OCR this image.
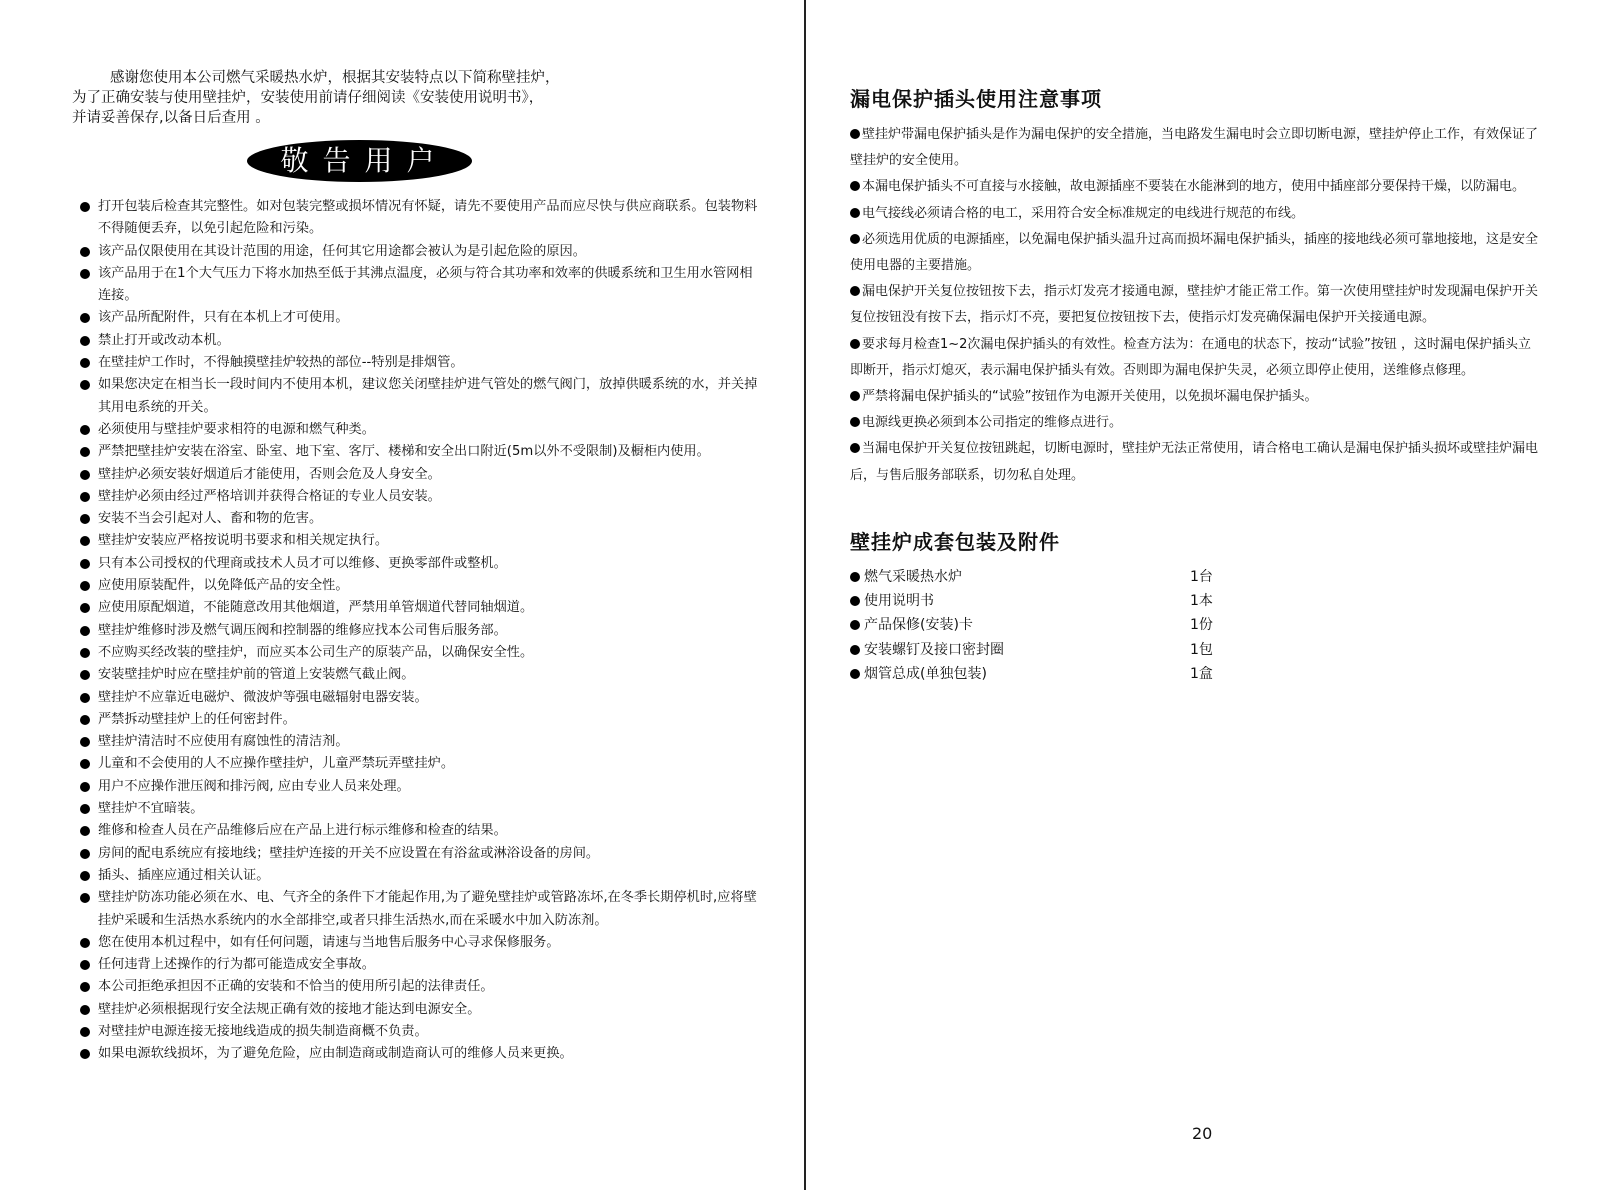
感谢您使用本公司燃气采暖热水炉，根据其安装特点以下简称壁挂炉，

为了正确安装与使用壁挂炉，安装使用前请仔细阅读《安装使用说明书》，

并请妥善保存,以备日后查用 。

敬告用户
打开包装后检查其完整性。如对包装完整或损坏情况有怀疑，请先不要使用产品而应尽快与供应商联系。包装物料不得随便丢弃，以免引起危险和污染。
该产品仅限使用在其设计范围的用途，任何其它用途都会被认为是引起危险的原因。
该产品用于在1个大气压力下将水加热至低于其沸点温度，必须与符合其功率和效率的供暖系统和卫生用水管网相连接。
该产品所配附件，只有在本机上才可使用。
禁止打开或改动本机。
在壁挂炉工作时，不得触摸壁挂炉较热的部位--特别是排烟管。
如果您决定在相当长一段时间内不使用本机，建议您关闭壁挂炉进气管处的燃气阀门，放掉供暖系统的水，并关掉其用电系统的开关。
必须使用与壁挂炉要求相符的电源和燃气种类。
严禁把壁挂炉安装在浴室、卧室、地下室、客厅、楼梯和安全出口附近(5m以外不受限制)及橱柜内使用。
壁挂炉必须安装好烟道后才能使用，否则会危及人身安全。
壁挂炉必须由经过严格培训并获得合格证的专业人员安装。
安装不当会引起对人、畜和物的危害。
壁挂炉安装应严格按说明书要求和相关规定执行。
只有本公司授权的代理商或技术人员才可以维修、更换零部件或整机。
应使用原装配件，以免降低产品的安全性。
应使用原配烟道，不能随意改用其他烟道，严禁用单管烟道代替同轴烟道。
壁挂炉维修时涉及燃气调压阀和控制器的维修应找本公司售后服务部。
不应购买经改装的壁挂炉，而应买本公司生产的原装产品，以确保安全性。
安装壁挂炉时应在壁挂炉前的管道上安装燃气截止阀。
壁挂炉不应靠近电磁炉、微波炉等强电磁辐射电器安装。
严禁拆动壁挂炉上的任何密封件。
壁挂炉清洁时不应使用有腐蚀性的清洁剂。
儿童和不会使用的人不应操作壁挂炉，儿童严禁玩弄壁挂炉。
用户不应操作泄压阀和排污阀, 应由专业人员来处理。
壁挂炉不宜暗装。
维修和检查人员在产品维修后应在产品上进行标示维修和检查的结果。
房间的配电系统应有接地线；壁挂炉连接的开关不应设置在有浴盆或淋浴设备的房间。
插头、插座应通过相关认证。
壁挂炉防冻功能必须在水、电、气齐全的条件下才能起作用,为了避免壁挂炉或管路冻坏,在冬季长期停机时,应将壁挂炉采暖和生活热水系统内的水全部排空,或者只排生活热水,而在采暖水中加入防冻剂。
您在使用本机过程中，如有任何问题，请速与当地售后服务中心寻求保修服务。
任何违背上述操作的行为都可能造成安全事故。
本公司拒绝承担因不正确的安装和不恰当的使用所引起的法律责任。
壁挂炉必须根据现行安全法规正确有效的接地才能达到电源安全。
对壁挂炉电源连接无接地线造成的损失制造商概不负责。
如果电源软线损坏，为了避免危险，应由制造商或制造商认可的维修人员来更换。
漏电保护插头使用注意事项
壁挂炉带漏电保护插头是作为漏电保护的安全措施，当电路发生漏电时会立即切断电源，壁挂炉停止工作，有效保证了壁挂炉的安全使用。
本漏电保护插头不可直接与水接触，故电源插座不要装在水能淋到的地方，使用中插座部分要保持干燥，以防漏电。
电气接线必须请合格的电工，采用符合安全标准规定的电线进行规范的布线。
必须选用优质的电源插座，以免漏电保护插头温升过高而损坏漏电保护插头，插座的接地线必须可靠地接地，这是安全使用电器的主要措施。
漏电保护开关复位按钮按下去，指示灯发亮才接通电源，壁挂炉才能正常工作。第一次使用壁挂炉时发现漏电保护开关复位按钮没有按下去，指示灯不亮，要把复位按钮按下去，使指示灯发亮确保漏电保护开关接通电源。
要求每月检查1~2次漏电保护插头的有效性。检查方法为：在通电的状态下，按动“试验”按钮 ，这时漏电保护插头立即断开，指示灯熄灭，表示漏电保护插头有效。否则即为漏电保护失灵，必须立即停止使用，送维修点修理。
严禁将漏电保护插头的“试验”按钮作为电源开关使用，以免损坏漏电保护插头。
电源线更换必须到本公司指定的维修点进行。
当漏电保护开关复位按钮跳起，切断电源时，壁挂炉无法正常使用，请合格电工确认是漏电保护插头损坏或壁挂炉漏电后，与售后服务部联系，切勿私自处理。
壁挂炉成套包装及附件
燃气采暖热水炉	1台
使用说明书	1本
产品保修(安装)卡	1份
安装螺钉及接口密封圈	1包
烟管总成(单独包装)	1盒
20
